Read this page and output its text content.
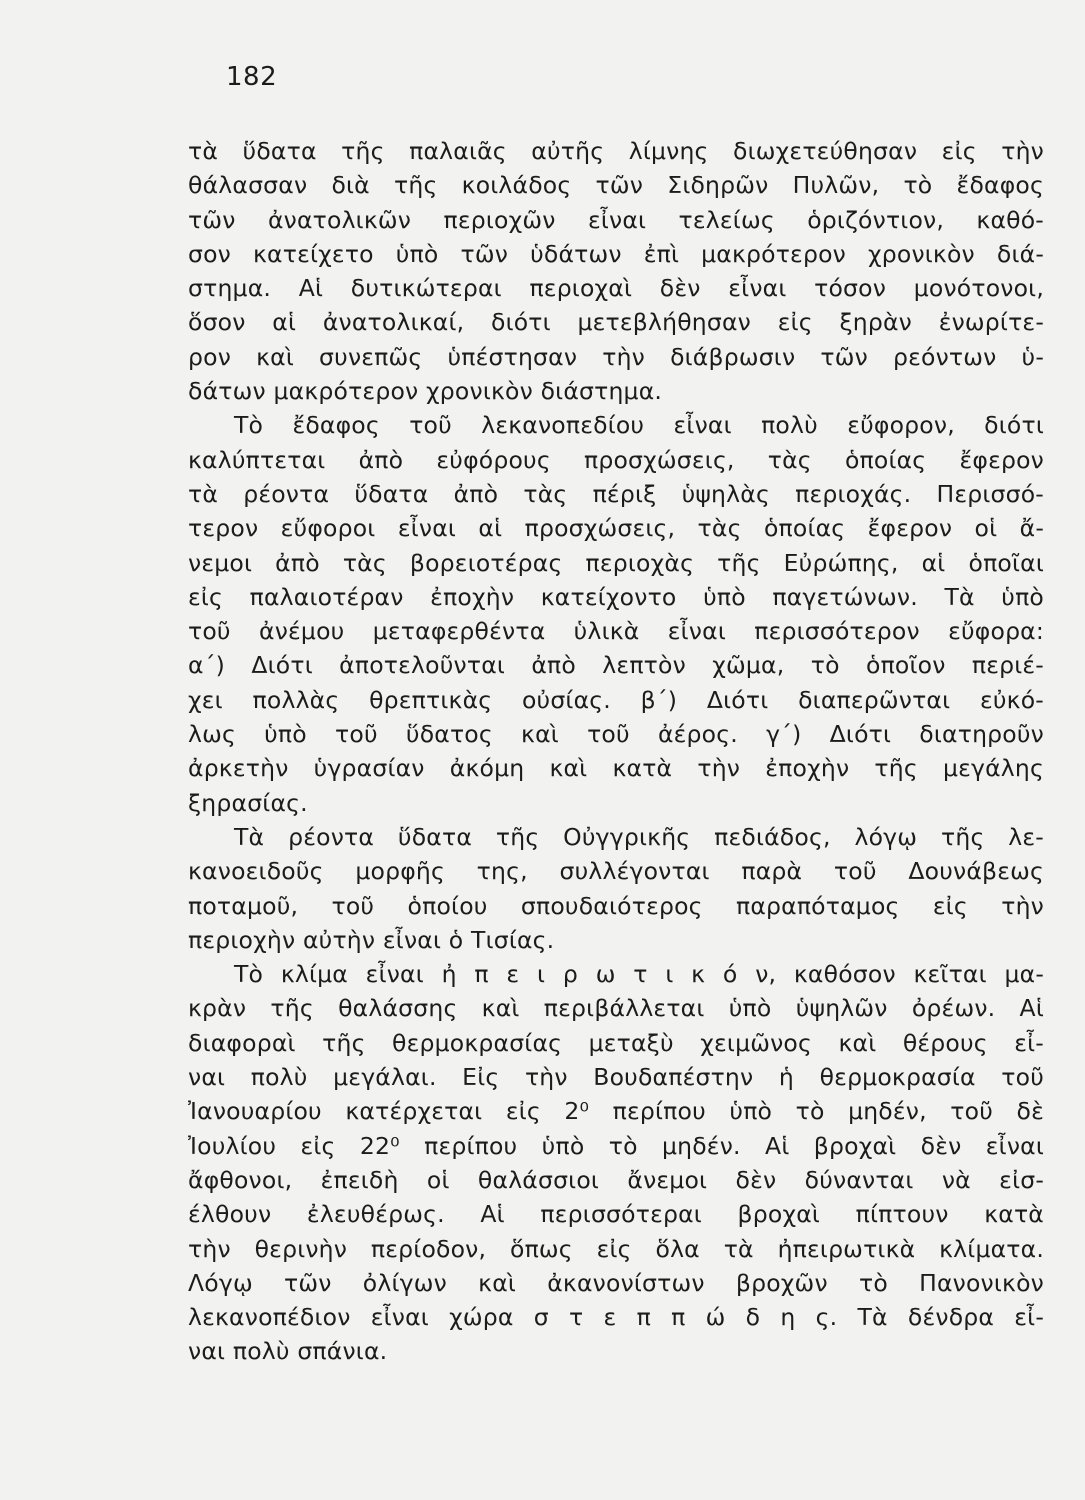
182
τὰ ὕδατα τῆς παλαιᾶς αὐτῆς λίμνης διωχετεύθησαν εἰς τὴν
θάλασσαν διὰ τῆς κοιλάδος τῶν Σιδηρῶν Πυλῶν, τὸ ἔδαφος
τῶν ἀνατολικῶν περιοχῶν εἶναι τελείως ὁριζόντιον, καθό-
σον κατείχετο ὑπὸ τῶν ὑδάτων ἐπὶ μακρότερον χρονικὸν διά-
στημα. Αἱ δυτικώτεραι περιοχαὶ δὲν εἶναι τόσον μονότονοι,
ὅσον αἱ ἀνατολικαί, διότι μετεβλήθησαν εἰς ξηρὰν ἐνωρίτε-
ρον καὶ συνεπῶς ὑπέστησαν τὴν διάβρωσιν τῶν ρεόντων ὑ-
δάτων μακρότερον χρονικὸν διάστημα.
Τὸ ἔδαφος τοῦ λεκανοπεδίου εἶναι πολὺ εὔφορον, διότι
καλύπτεται ἀπὸ εὐφόρους προσχώσεις, τὰς ὁποίας ἔφερον
τὰ ρέοντα ὕδατα ἀπὸ τὰς πέριξ ὑψηλὰς περιοχάς. Περισσό-
τερον εὔφοροι εἶναι αἱ προσχώσεις, τὰς ὁποίας ἔφερον οἱ ἄ-
νεμοι ἀπὸ τὰς βορειοτέρας περιοχὰς τῆς Εὐρώπης, αἱ ὁποῖαι
εἰς παλαιοτέραν ἐποχὴν κατείχοντο ὑπὸ παγετώνων. Τὰ ὑπὸ
τοῦ ἀνέμου μεταφερθέντα ὑλικὰ εἶναι περισσότερον εὔφορα:
α΄) Διότι ἀποτελοῦνται ἀπὸ λεπτὸν χῶμα, τὸ ὁποῖον περιέ-
χει πολλὰς θρεπτικὰς οὐσίας. β΄) Διότι διαπερῶνται εὐκό-
λως ὑπὸ τοῦ ὕδατος καὶ τοῦ ἀέρος. γ΄) Διότι διατηροῦν
ἀρκετὴν ὑγρασίαν ἀκόμη καὶ κατὰ τὴν ἐποχὴν τῆς μεγάλης
ξηρασίας.
Τὰ ρέοντα ὕδατα τῆς Οὐγγρικῆς πεδιάδος, λόγῳ τῆς λε-
κανοειδοῦς μορφῆς της, συλλέγονται παρὰ τοῦ Δουνάβεως
ποταμοῦ, τοῦ ὁποίου σπουδαιότερος παραπόταμος εἰς τὴν
περιοχὴν αὐτὴν εἶναι ὁ Τισίας.
Τὸ κλίμα εἶναι ἠ π ε ι ρ ω τ ι κ ό ν, καθόσον κεῖται μα-
κρὰν τῆς θαλάσσης καὶ περιβάλλεται ὑπὸ ὑψηλῶν ὀρέων. Αἱ
διαφοραὶ τῆς θερμοκρασίας μεταξὺ χειμῶνος καὶ θέρους εἶ-
ναι πολὺ μεγάλαι. Εἰς τὴν Βουδαπέστην ἡ θερμοκρασία τοῦ
Ἰανουαρίου κατέρχεται εἰς 2⁰ περίπου ὑπὸ τὸ μηδέν, τοῦ δὲ
Ἰουλίου εἰς 22⁰ περίπου ὑπὸ τὸ μηδέν. Αἱ βροχαὶ δὲν εἶναι
ἄφθονοι, ἐπειδὴ οἱ θαλάσσιοι ἄνεμοι δὲν δύνανται νὰ εἰσ-
έλθουν ἐλευθέρως. Αἱ περισσότεραι βροχαὶ πίπτουν κατὰ
τὴν θερινὴν περίοδον, ὅπως εἰς ὅλα τὰ ἠπειρωτικὰ κλίματα.
Λόγῳ τῶν ὀλίγων καὶ ἀκανονίστων βροχῶν τὸ Πανονικὸν
λεκανοπέδιον εἶναι χώρα σ τ ε π π ώ δ η ς. Τὰ δένδρα εἶ-
ναι πολὺ σπάνια.
